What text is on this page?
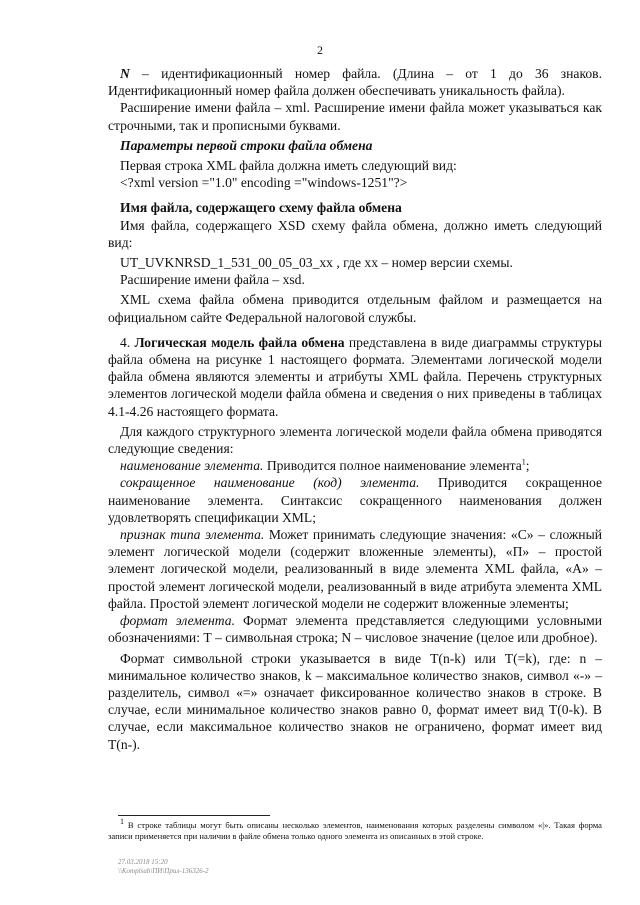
2

N – идентификационный номер файла. (Длина – от 1 до 36 знаков. Идентификационный номер файла должен обеспечивать уникальность файла).

Расширение имени файла – xml. Расширение имени файла может указываться как строчными, так и прописными буквами.

Параметры первой строки файла обмена

Первая строка XML файла должна иметь следующий вид:

<?xml version ="1.0" encoding ="windows-1251"?>

Имя файла, содержащего схему файла обмена

Имя файла, содержащего XSD схему файла обмена, должно иметь следующий вид:

UT_UVKNRSD_1_531_00_05_03_xx , где xx – номер версии схемы.

Расширение имени файла – xsd.

XML схема файла обмена приводится отдельным файлом и размещается на официальном сайте Федеральной налоговой службы.

4. Логическая модель файла обмена представлена в виде диаграммы структуры файла обмена на рисунке 1 настоящего формата. Элементами логической модели файла обмена являются элементы и атрибуты XML файла. Перечень структурных элементов логической модели файла обмена и сведения о них приведены в таблицах 4.1-4.26 настоящего формата.

Для каждого структурного элемента логической модели файла обмена приводятся следующие сведения:

наименование элемента. Приводится полное наименование элемента$^1$;

сокращенное наименование (код) элемента. Приводится сокращенное наименование элемента. Синтаксис сокращенного наименования должен удовлетворять спецификации XML;

признак типа элемента. Может принимать следующие значения: «С» – сложный элемент логической модели (содержит вложенные элементы), «П» – простой элемент логической модели, реализованный в виде элемента XML файла, «А» – простой элемент логической модели, реализованный в виде атрибута элемента XML файла. Простой элемент логической модели не содержит вложенные элементы;

формат элемента. Формат элемента представляется следующими условными обозначениями: Т – символьная строка; N – числовое значение (целое или дробное).

Формат символьной строки указывается в виде Т(n-k) или Т(=k), где: n – минимальное количество знаков, k – максимальное количество знаков, символ «-» – разделитель, символ «=» означает фиксированное количество знаков в строке. В случае, если минимальное количество знаков равно 0, формат имеет вид Т(0-k). В случае, если максимальное количество знаков не ограничено, формат имеет вид Т(n-).

$^1$ В строке таблицы могут быть описаны несколько элементов, наименования которых разделены символом «|». Такая форма записи применяется при наличии в файле обмена только одного элемента из описанных в этой строке.
27.03.2018 15:20
\\Komplsub\ПИ\Прил-136326-2
